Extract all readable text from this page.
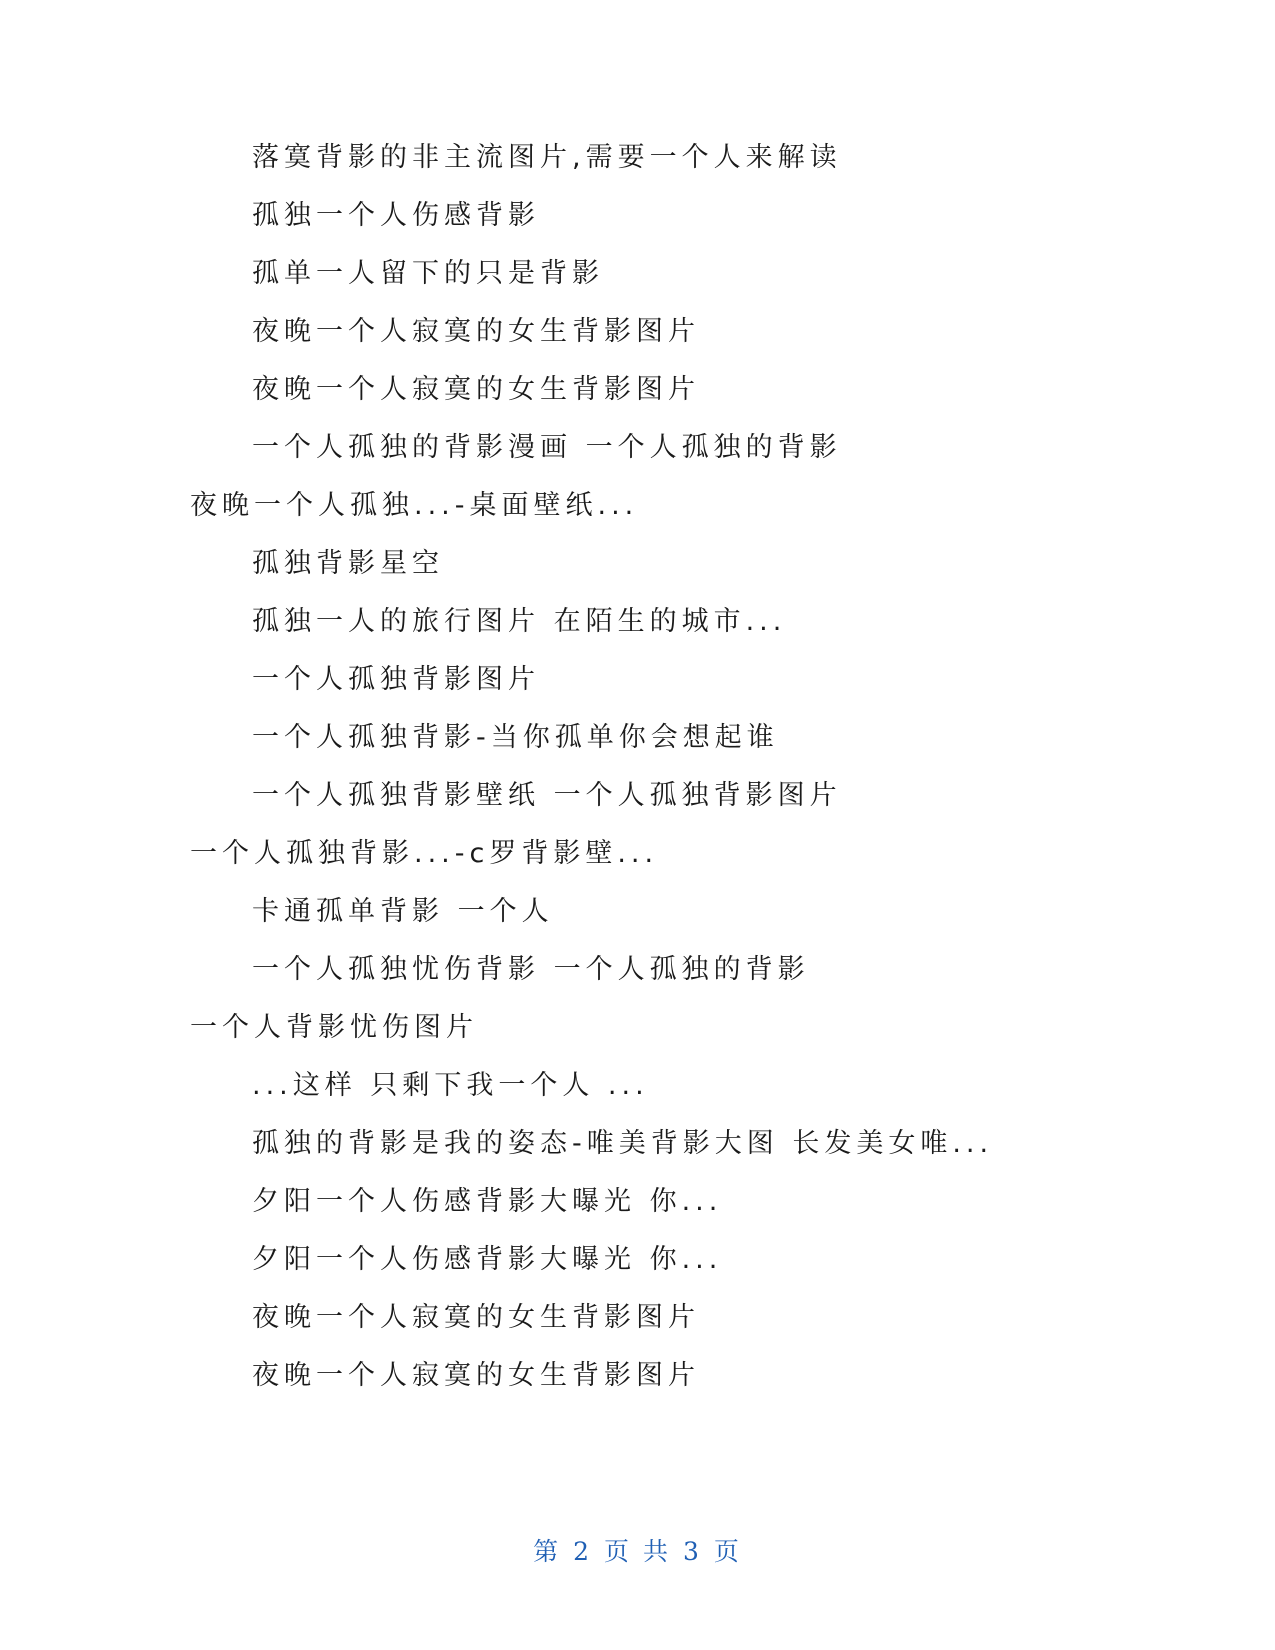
落寞背影的非主流图片,需要一个人来解读
孤独一个人伤感背影
孤单一人留下的只是背影
夜晚一个人寂寞的女生背影图片
夜晚一个人寂寞的女生背影图片
一个人孤独的背影漫画 一个人孤独的背影
夜晚一个人孤独...-桌面壁纸...
孤独背影星空
孤独一人的旅行图片 在陌生的城市...
一个人孤独背影图片
一个人孤独背影-当你孤单你会想起谁
一个人孤独背影壁纸 一个人孤独背影图片
一个人孤独背影...-c罗背影壁...
卡通孤单背影 一个人
一个人孤独忧伤背影 一个人孤独的背影
一个人背影忧伤图片
...这样 只剩下我一个人 ...
孤独的背影是我的姿态-唯美背影大图 长发美女唯...
夕阳一个人伤感背影大曝光 你...
夕阳一个人伤感背影大曝光 你...
夜晚一个人寂寞的女生背影图片
夜晚一个人寂寞的女生背影图片
第 2 页 共 3 页
